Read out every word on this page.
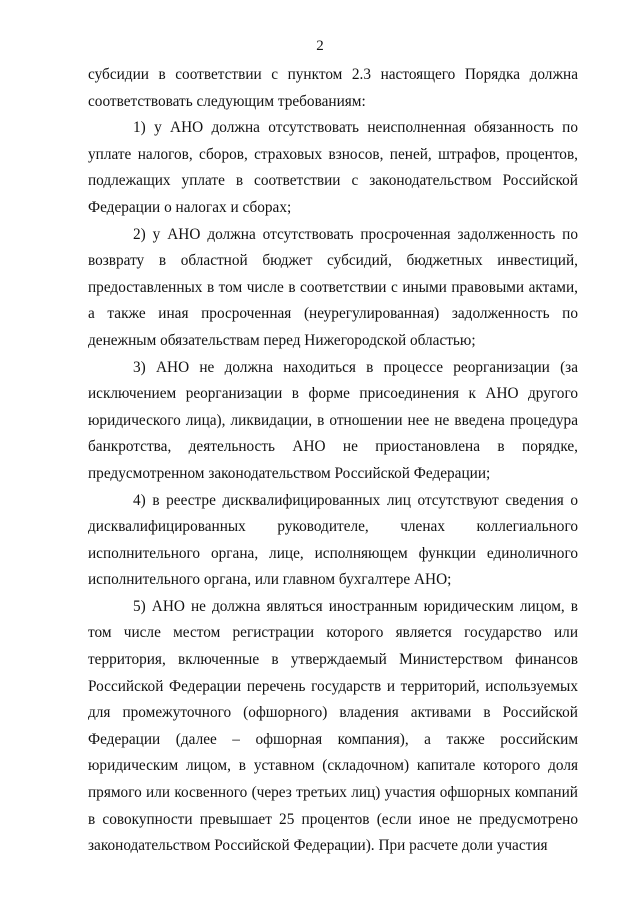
2

субсидии в соответствии с пунктом 2.3 настоящего Порядка должна соответствовать следующим требованиям:

1) у АНО должна отсутствовать неисполненная обязанность по уплате налогов, сборов, страховых взносов, пеней, штрафов, процентов, подлежащих уплате в соответствии с законодательством Российской Федерации о налогах и сборах;

2) у АНО должна отсутствовать просроченная задолженность по возврату в областной бюджет субсидий, бюджетных инвестиций, предоставленных в том числе в соответствии с иными правовыми актами, а также иная просроченная (неурегулированная) задолженность по денежным обязательствам перед Нижегородской областью;

3) АНО не должна находиться в процессе реорганизации (за исключением реорганизации в форме присоединения к АНО другого юридического лица), ликвидации, в отношении нее не введена процедура банкротства, деятельность АНО не приостановлена в порядке, предусмотренном законодательством Российской Федерации;

4) в реестре дисквалифицированных лиц отсутствуют сведения о дисквалифицированных руководителе, членах коллегиального исполнительного органа, лице, исполняющем функции единоличного исполнительного органа, или главном бухгалтере АНО;

5) АНО не должна являться иностранным юридическим лицом, в том числе местом регистрации которого является государство или территория, включенные в утверждаемый Министерством финансов Российской Федерации перечень государств и территорий, используемых для промежуточного (офшорного) владения активами в Российской Федерации (далее – офшорная компания), а также российским юридическим лицом, в уставном (складочном) капитале которого доля прямого или косвенного (через третьих лиц) участия офшорных компаний в совокупности превышает 25 процентов (если иное не предусмотрено законодательством Российской Федерации). При расчете доли участия
